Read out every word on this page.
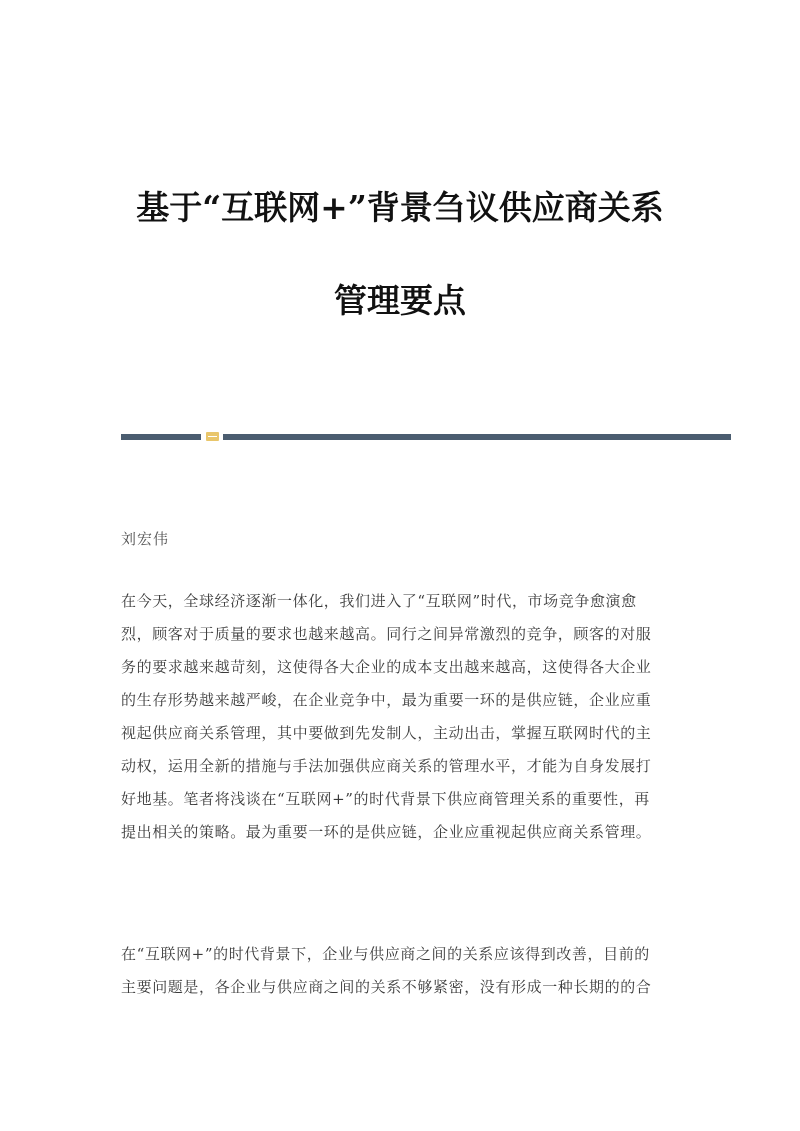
基于“互联网+”背景刍议供应商关系
管理要点
刘宏伟
在今天，全球经济逐渐一体化，我们进入了“互联网”时代，市场竞争愈演愈
烈，顾客对于质量的要求也越来越高。同行之间异常激烈的竞争，顾客的对服
务的要求越来越苛刻，这使得各大企业的成本支出越来越高，这使得各大企业
的生存形势越来越严峻，在企业竞争中，最为重要一环的是供应链，企业应重
视起供应商关系管理，其中要做到先发制人，主动出击，掌握互联网时代的主
动权，运用全新的措施与手法加强供应商关系的管理水平，才能为自身发展打
好地基。笔者将浅谈在“互联网+”的时代背景下供应商管理关系的重要性，再
提出相关的策略。最为重要一环的是供应链，企业应重视起供应商关系管理。
在“互联网+”的时代背景下，企业与供应商之间的关系应该得到改善，目前的
主要问题是，各企业与供应商之间的关系不够紧密，没有形成一种长期的的合
